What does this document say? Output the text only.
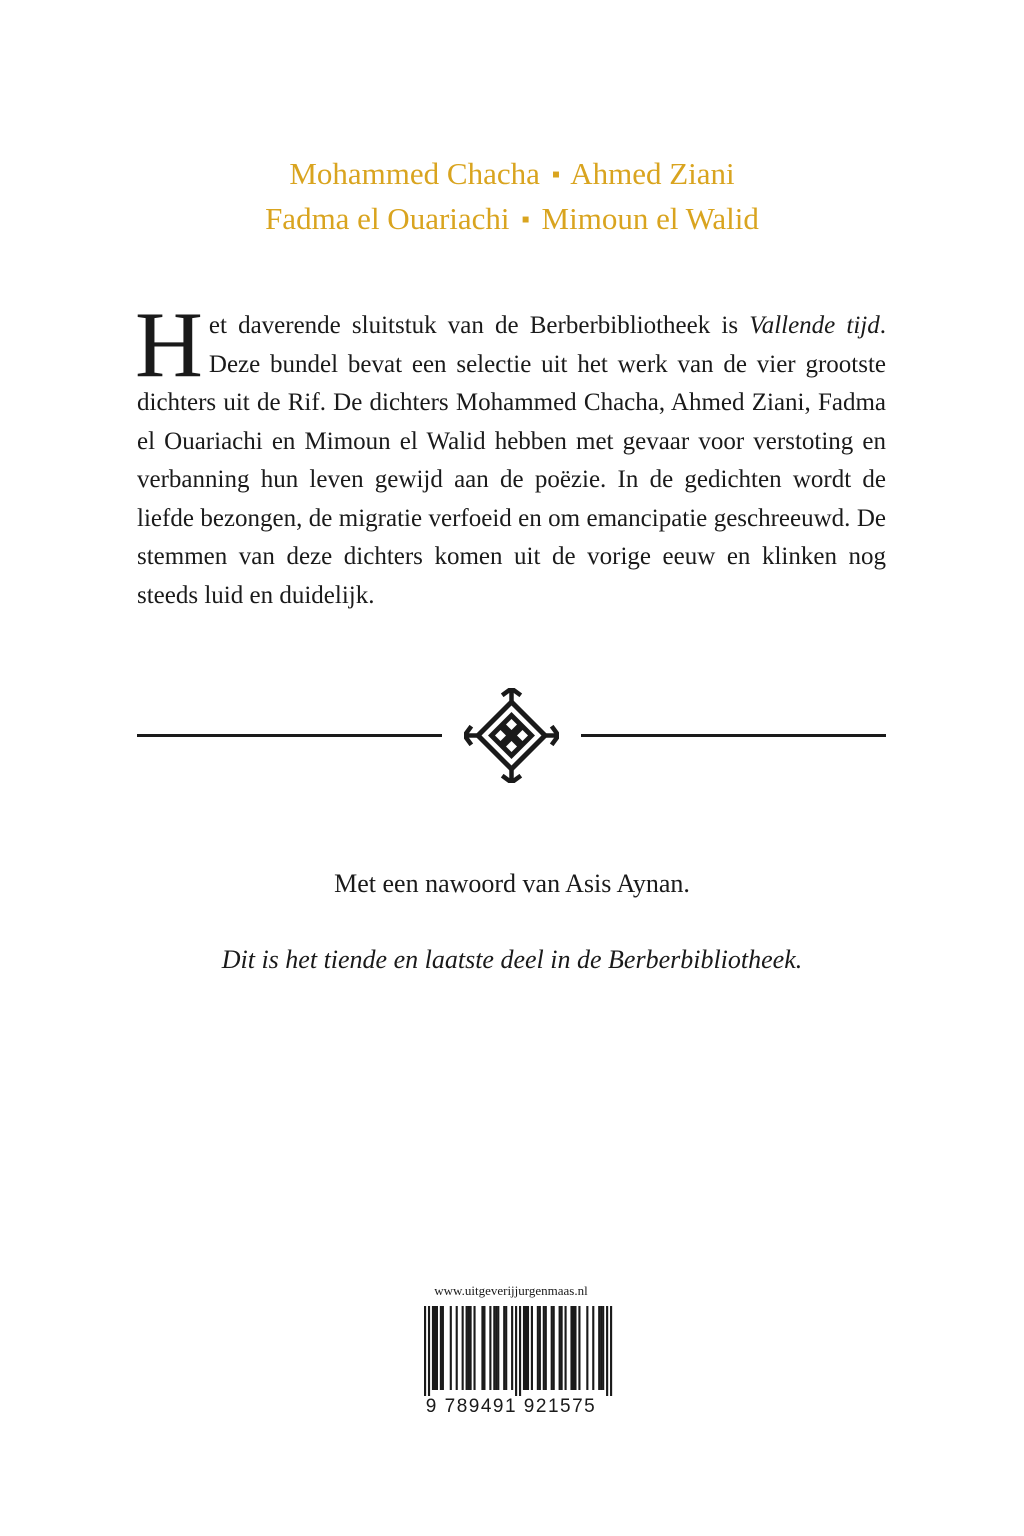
Mohammed Chacha ▪ Ahmed Ziani
Fadma el Ouariachi ▪ Mimoun el Walid

Het daverende sluitstuk van de Berberbibliotheek is Vallende tijd. Deze bundel bevat een selectie uit het werk van de vier grootste dichters uit de Rif. De dichters Mohammed Chacha, Ahmed Ziani, Fadma el Ouariachi en Mimoun el Walid hebben met gevaar voor verstoting en verbanning hun leven gewijd aan de poëzie. In de gedichten wordt de liefde bezongen, de migratie verfoeid en om emancipatie geschreeuwd. De stemmen van deze dichters komen uit de vorige eeuw en klinken nog steeds luid en duidelijk.

Met een nawoord van Asis Aynan.
Dit is het tiende en laatste deel in de Berberbibliotheek.
www.uitgeverijjurgenmaas.nl
9 789491 921575
